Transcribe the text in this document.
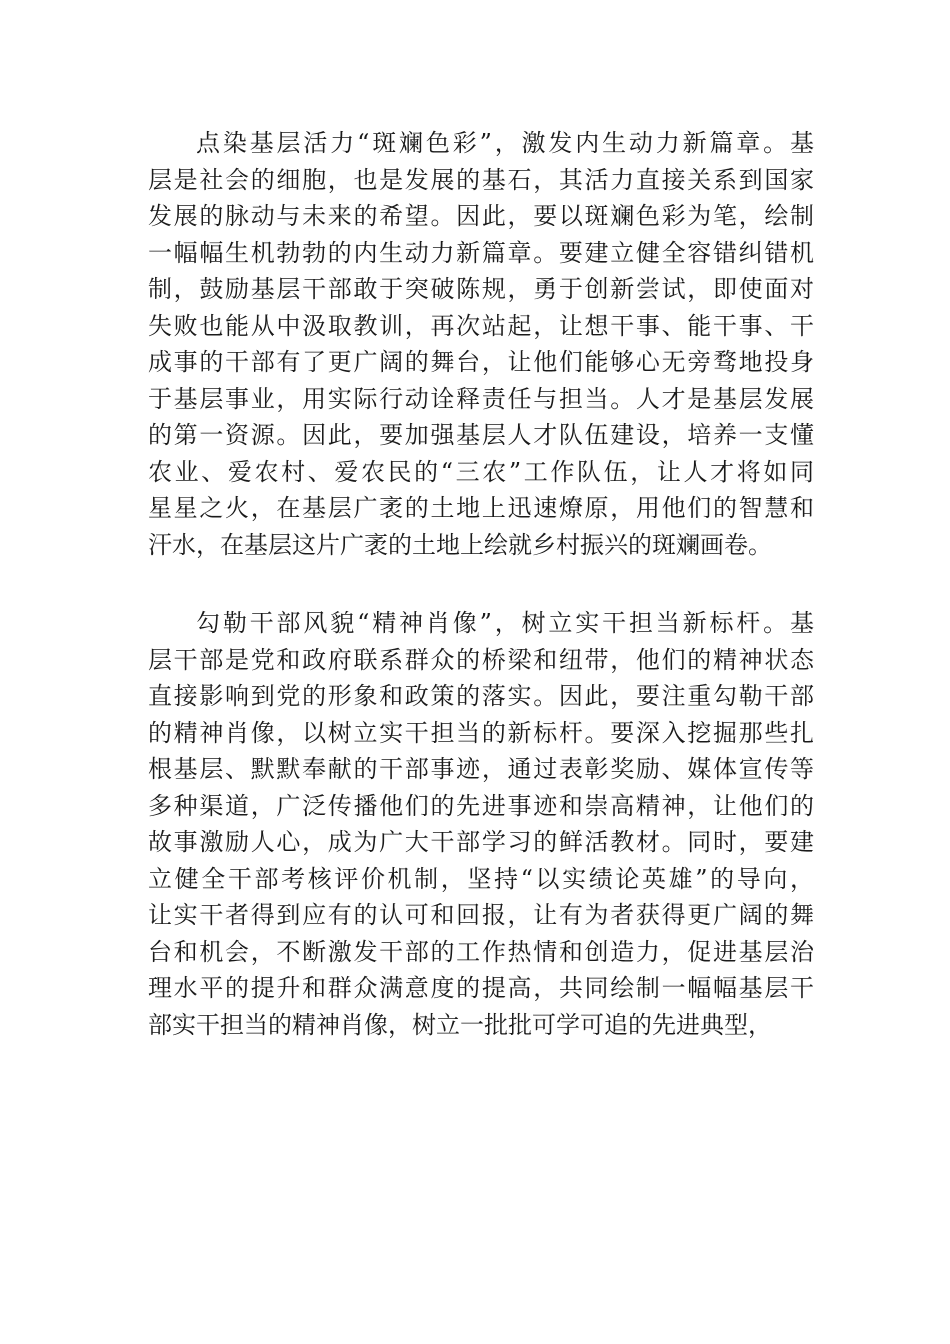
点染基层活力“斑斓色彩”，激发内生动力新篇章。基
层是社会的细胞，也是发展的基石，其活力直接关系到国家
发展的脉动与未来的希望。因此，要以斑斓色彩为笔，绘制
一幅幅生机勃勃的内生动力新篇章。要建立健全容错纠错机
制，鼓励基层干部敢于突破陈规，勇于创新尝试，即使面对
失败也能从中汲取教训，再次站起，让想干事、能干事、干
成事的干部有了更广阔的舞台，让他们能够心无旁骛地投身
于基层事业，用实际行动诠释责任与担当。人才是基层发展
的第一资源。因此，要加强基层人才队伍建设，培养一支懂
农业、爱农村、爱农民的“三农”工作队伍，让人才将如同
星星之火，在基层广袤的土地上迅速燎原，用他们的智慧和
汗水，在基层这片广袤的土地上绘就乡村振兴的斑斓画卷。
勾勒干部风貌“精神肖像”，树立实干担当新标杆。基
层干部是党和政府联系群众的桥梁和纽带，他们的精神状态
直接影响到党的形象和政策的落实。因此，要注重勾勒干部
的精神肖像，以树立实干担当的新标杆。要深入挖掘那些扎
根基层、默默奉献的干部事迹，通过表彰奖励、媒体宣传等
多种渠道，广泛传播他们的先进事迹和崇高精神，让他们的
故事激励人心，成为广大干部学习的鲜活教材。同时，要建
立健全干部考核评价机制，坚持“以实绩论英雄”的导向，
让实干者得到应有的认可和回报，让有为者获得更广阔的舞
台和机会，不断激发干部的工作热情和创造力，促进基层治
理水平的提升和群众满意度的提高，共同绘制一幅幅基层干
部实干担当的精神肖像，树立一批批可学可追的先进典型，
